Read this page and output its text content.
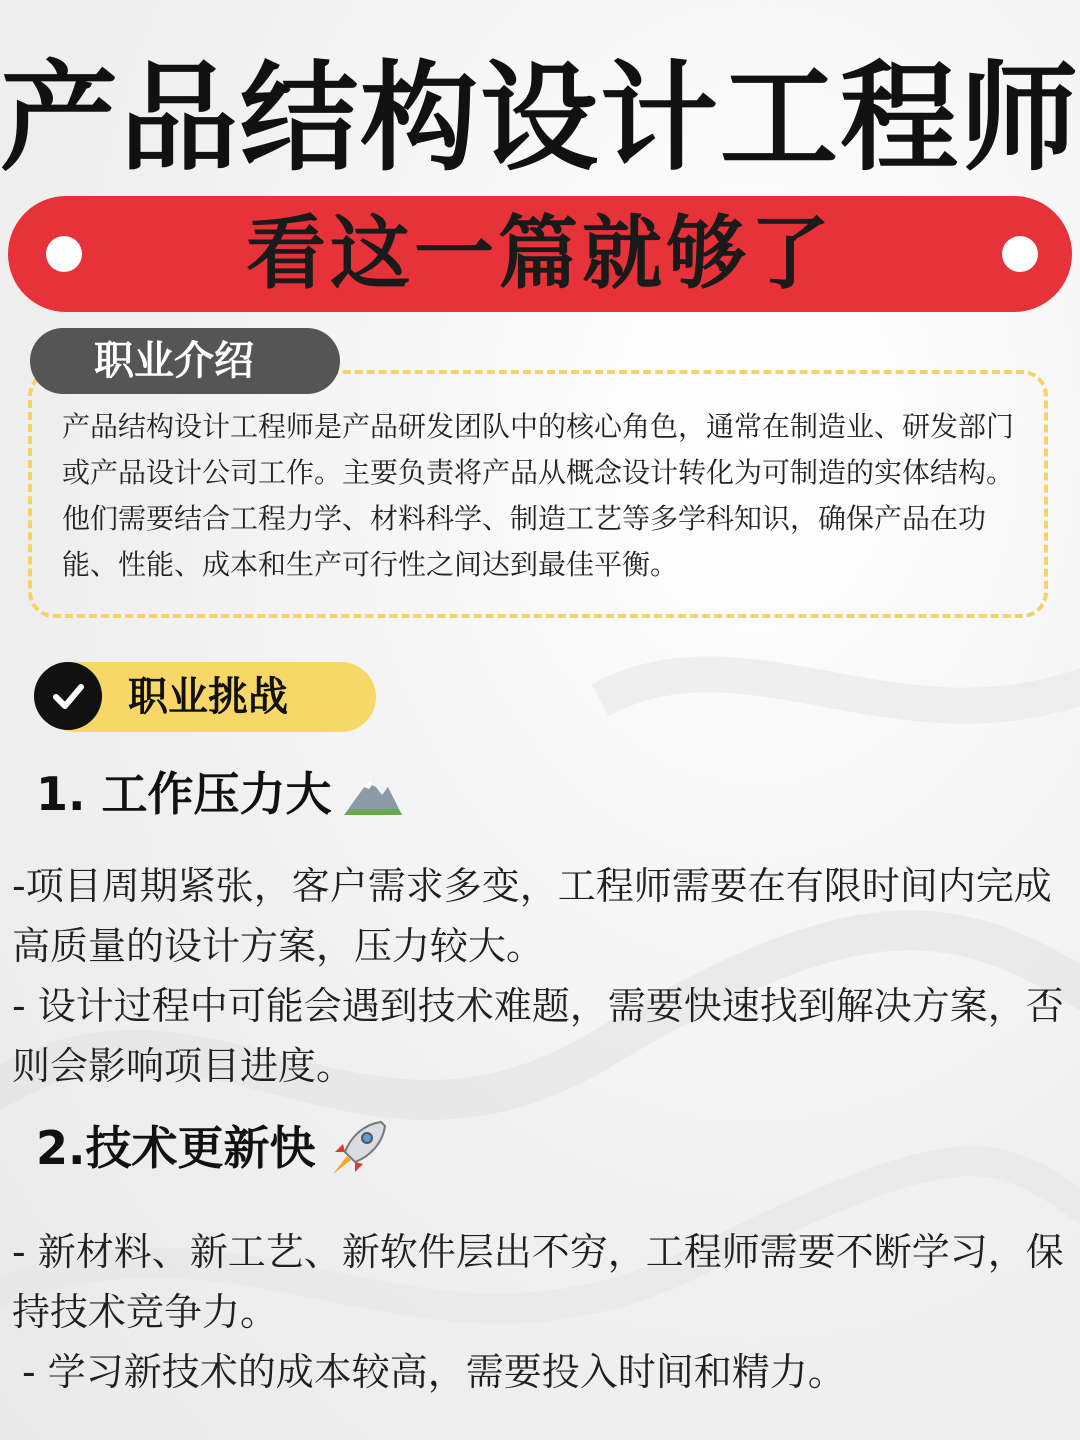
产品结构设计工程师
看这一篇就够了
职业介绍
产品结构设计工程师是产品研发团队中的核心角色，通常在制造业、研发部门或产品设计公司工作。主要负责将产品从概念设计转化为可制造的实体结构。他们需要结合工程力学、材料科学、制造工艺等多学科知识，确保产品在功能、性能、成本和生产可行性之间达到最佳平衡。
职业挑战
1. 工作压力大
-项目周期紧张，客户需求多变，工程师需要在有限时间内完成高质量的设计方案，压力较大。
- 设计过程中可能会遇到技术难题，需要快速找到解决方案，否则会影响项目进度。
2.技术更新快
- 新材料、新工艺、新软件层出不穷，工程师需要不断学习，保持技术竞争力。
- 学习新技术的成本较高，需要投入时间和精力。
